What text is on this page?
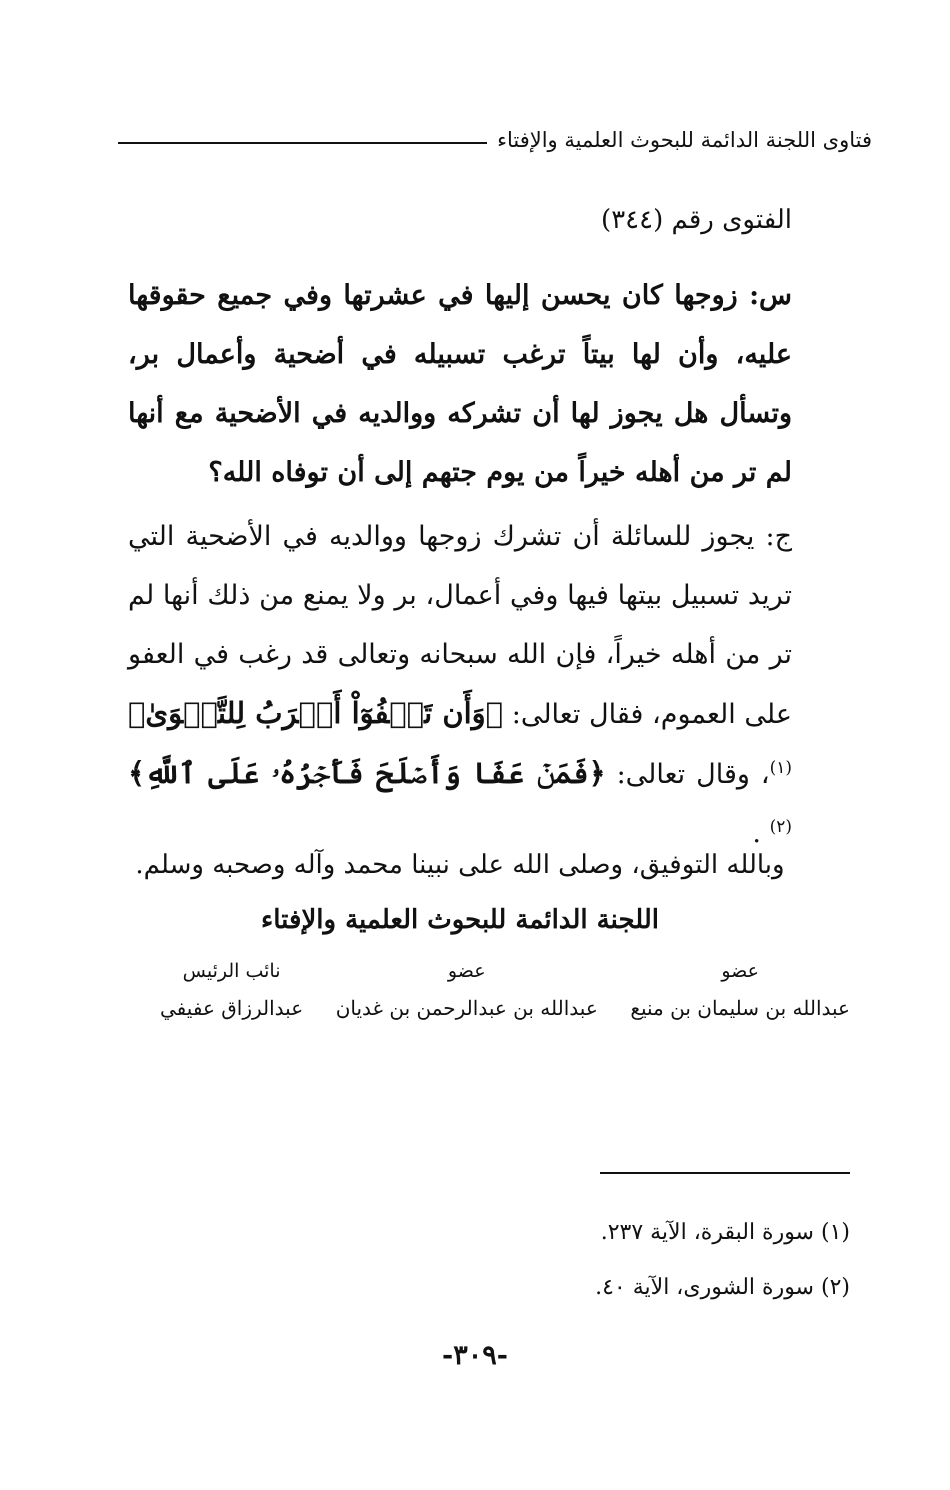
فتاوى اللجنة الدائمة للبحوث العلمية والإفتاء
الفتوى رقم (٣٤٤)

س: زوجها كان يحسن إليها في عشرتها وفي جميع حقوقها عليه، وأن لها بيتاً ترغب تسبيله في أضحية وأعمال بر، وتسأل هل يجوز لها أن تشركه ووالديه في الأضحية مع أنها لم تر من أهله خيراً من يوم جتهم إلى أن توفاه الله؟

ج: يجوز للسائلة أن تشرك زوجها ووالديه في الأضحية التي تريد تسبيل بيتها فيها وفي أعمال، بر ولا يمنع من ذلك أنها لم تر من أهله خيراً، فإن الله سبحانه وتعالى قد رغب في العفو على العموم، فقال تعالى: ﴿وَأَن تَعۡفُوٓاْ أَقۡرَبُ لِلتَّقۡوَىٰ﴾$^{(١)}$، وقال تعالى: ﴿فَمَنۡ عَفَا وَأَصۡلَحَ فَأَجۡرُهُۥ عَلَى ٱللَّهِ﴾$^{(٢)}$ .

وبالله التوفيق، وصلى الله على نبينا محمد وآله وصحبه وسلم.
اللجنة الدائمة للبحوث العلمية والإفتاء
عضو
عبدالله بن سليمان بن منيع
عضو
عبدالله بن عبدالرحمن بن غديان
نائب الرئيس
عبدالرزاق عفيفي
(١) سورة البقرة، الآية ٢٣٧.
(٢) سورة الشورى، الآية ٤٠.
-٣٠٩-
